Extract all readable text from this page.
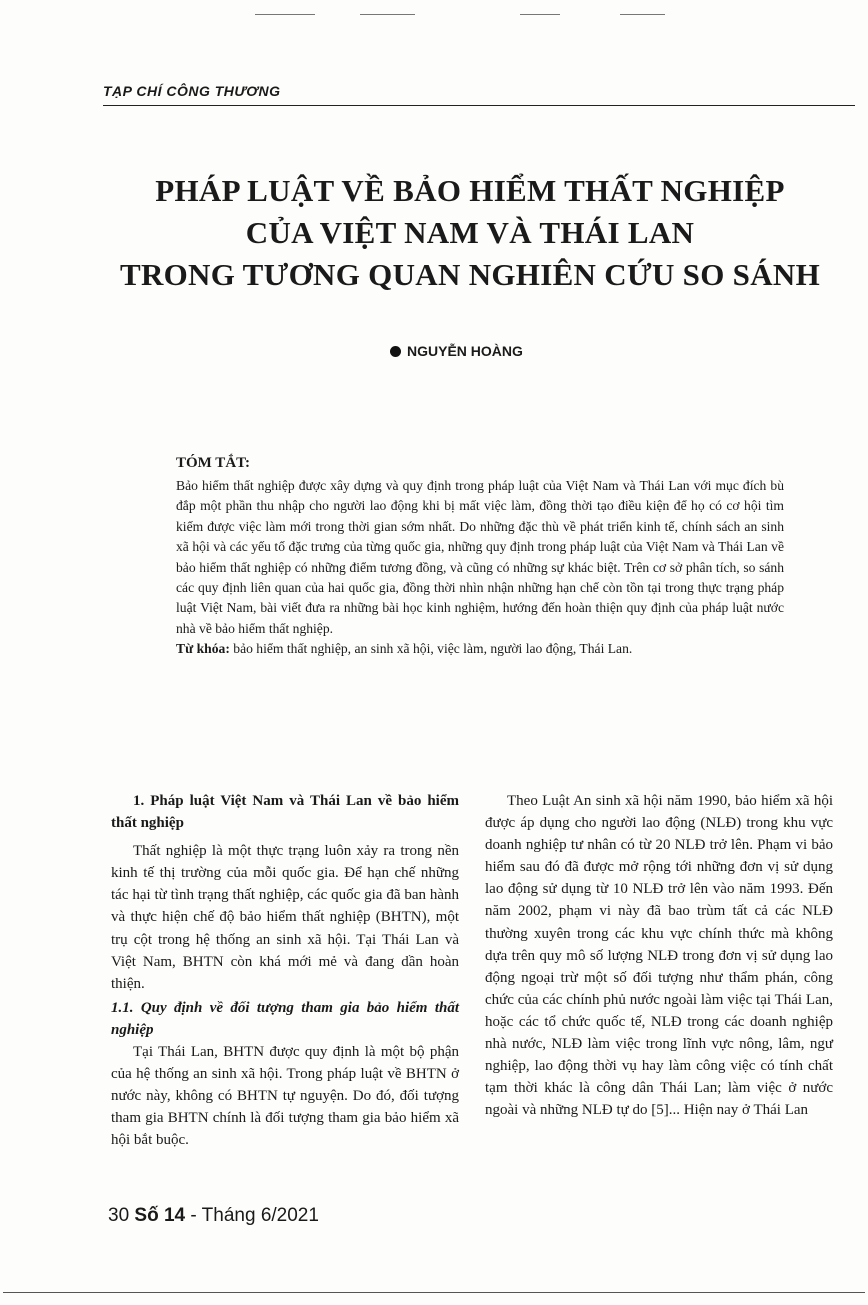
TẠP CHÍ CÔNG THƯƠNG
PHÁP LUẬT VỀ BẢO HIỂM THẤT NGHIỆP
CỦA VIỆT NAM VÀ THÁI LAN
TRONG TƯƠNG QUAN NGHIÊN CỨU SO SÁNH
NGUYỄN HOÀNG
TÓM TẮT:

Bảo hiểm thất nghiệp được xây dựng và quy định trong pháp luật của Việt Nam và Thái Lan với mục đích bù đắp một phần thu nhập cho người lao động khi bị mất việc làm, đồng thời tạo điều kiện để họ có cơ hội tìm kiếm được việc làm mới trong thời gian sớm nhất. Do những đặc thù về phát triển kinh tế, chính sách an sinh xã hội và các yếu tố đặc trưng của từng quốc gia, những quy định trong pháp luật của Việt Nam và Thái Lan về bảo hiểm thất nghiệp có những điểm tương đồng, và cũng có những sự khác biệt. Trên cơ sở phân tích, so sánh các quy định liên quan của hai quốc gia, đồng thời nhìn nhận những hạn chế còn tồn tại trong thực trạng pháp luật Việt Nam, bài viết đưa ra những bài học kinh nghiệm, hướng đến hoàn thiện quy định của pháp luật nước nhà về bảo hiểm thất nghiệp.

Từ khóa: bảo hiểm thất nghiệp, an sinh xã hội, việc làm, người lao động, Thái Lan.

1. Pháp luật Việt Nam và Thái Lan về bảo hiểm thất nghiệp

Thất nghiệp là một thực trạng luôn xảy ra trong nền kinh tế thị trường của mỗi quốc gia. Để hạn chế những tác hại từ tình trạng thất nghiệp, các quốc gia đã ban hành và thực hiện chế độ bảo hiểm thất nghiệp (BHTN), một trụ cột trong hệ thống an sinh xã hội. Tại Thái Lan và Việt Nam, BHTN còn khá mới mẻ và đang dần hoàn thiện.

1.1. Quy định về đối tượng tham gia bảo hiểm thất nghiệp

Tại Thái Lan, BHTN được quy định là một bộ phận của hệ thống an sinh xã hội. Trong pháp luật về BHTN ở nước này, không có BHTN tự nguyện. Do đó, đối tượng tham gia BHTN chính là đối tượng tham gia bảo hiểm xã hội bắt buộc.

Theo Luật An sinh xã hội năm 1990, bảo hiểm xã hội được áp dụng cho người lao động (NLĐ) trong khu vực doanh nghiệp tư nhân có từ 20 NLĐ trở lên. Phạm vi bảo hiểm sau đó đã được mở rộng tới những đơn vị sử dụng lao động sử dụng từ 10 NLĐ trở lên vào năm 1993. Đến năm 2002, phạm vi này đã bao trùm tất cả các NLĐ thường xuyên trong các khu vực chính thức mà không dựa trên quy mô số lượng NLĐ trong đơn vị sử dụng lao động ngoại trừ một số đối tượng như thẩm phán, công chức của các chính phủ nước ngoài làm việc tại Thái Lan, hoặc các tổ chức quốc tế, NLĐ trong các doanh nghiệp nhà nước, NLĐ làm việc trong lĩnh vực nông, lâm, ngư nghiệp, lao động thời vụ hay làm công việc có tính chất tạm thời khác là công dân Thái Lan; làm việc ở nước ngoài và những NLĐ tự do [5]... Hiện nay ở Thái Lan

30 Số 14 - Tháng 6/2021
